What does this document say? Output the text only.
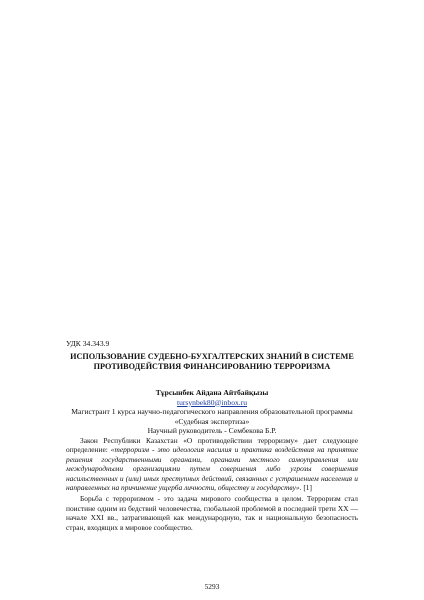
УДК 34.343.9
ИСПОЛЬЗОВАНИЕ СУДЕБНО-БУХГАЛТЕРСКИХ ЗНАНИЙ В СИСТЕМЕ ПРОТИВОДЕЙСТВИЯ ФИНАНСИРОВАНИЮ ТЕРРОРИЗМА
Тұрсынбек Айдана Айтбайқызы
tursynbek80@inbox.ru
Магистрант 1 курса научно-педагогического направления образовательной программы «Судебная экспертиза»
Научный руководитель - Сембекова Б.Р.

Закон Республики Казахстан «О противодействии терроризму» дает следующее определение: «терроризм - это идеология насилия и практика воздействия на принятие решения государственными органами, органами местного самоуправления или международными организациями путем совершения либо угрозы совершения насильственных и (или) иных преступных действий, связанных с устрашением населения и направленных на причинение ущерба личности, обществу и государству». [1]

Борьба с терроризмом - это задача мирового сообщества в целом. Терроризм стал поистине одним из бедствий человечества, глобальной проблемой в последней трети ХХ — начале XXI вв., затрагивающей как международную, так и национальную безопасность стран, входящих в мировое сообщество.

5293
